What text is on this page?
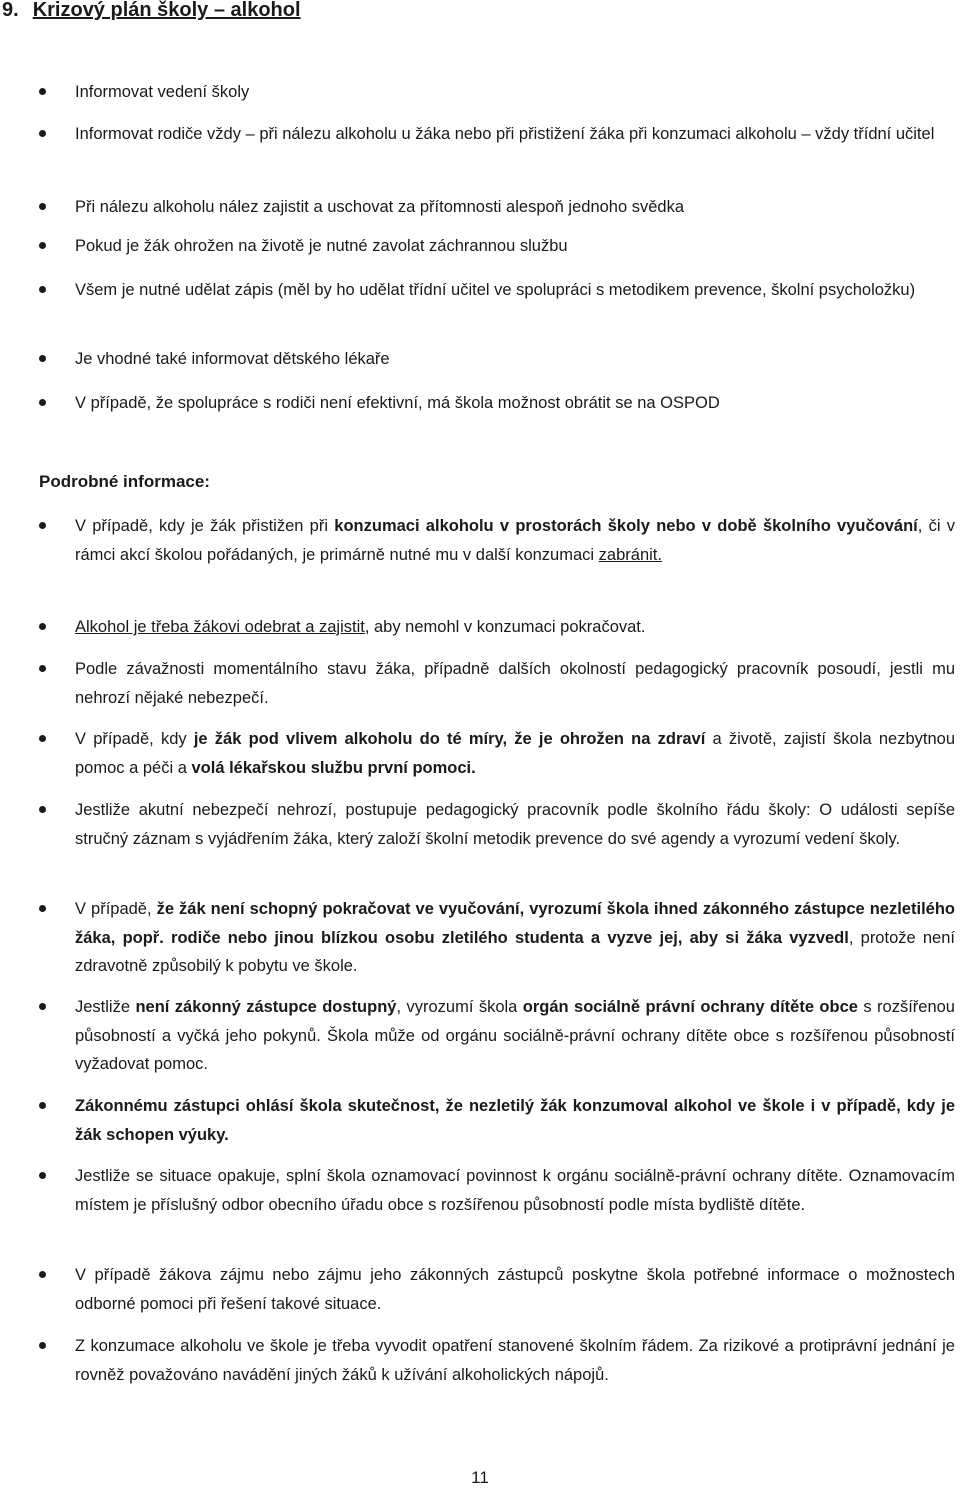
9. Krizový plán školy – alkohol
Informovat vedení školy
Informovat rodiče vždy – při nálezu alkoholu u žáka nebo při přistižení žáka při konzumaci alkoholu – vždy třídní učitel
Při nálezu alkoholu nález zajistit a uschovat za přítomnosti alespoň jednoho svědka
Pokud je žák ohrožen na životě je nutné zavolat záchrannou službu
Všem je nutné udělat zápis (měl by ho udělat třídní učitel ve spolupráci s metodikem prevence, školní psycholožku)
Je vhodné také informovat dětského lékaře
V případě, že spolupráce s rodiči není efektivní, má škola možnost obrátit se na OSPOD
Podrobné informace:
V případě, kdy je žák přistižen při konzumaci alkoholu v prostorách školy nebo v době školního vyučování, či v rámci akcí školou pořádaných, je primárně nutné mu v další konzumaci zabránit.
Alkohol je třeba žákovi odebrat a zajistit, aby nemohl v konzumaci pokračovat.
Podle závažnosti momentálního stavu žáka, případně dalších okolností pedagogický pracovník posoudí, jestli mu nehrozí nějaké nebezpečí.
V případě, kdy je žák pod vlivem alkoholu do té míry, že je ohrožen na zdraví a životě, zajistí škola nezbytnou pomoc a péči a volá lékařskou službu první pomoci.
Jestliže akutní nebezpečí nehrozí, postupuje pedagogický pracovník podle školního řádu školy: O události sepíše stručný záznam s vyjádřením žáka, který založí školní metodik prevence do své agendy a vyrozumí vedení školy.
V případě, že žák není schopný pokračovat ve vyučování, vyrozumí škola ihned zákonného zástupce nezletilého žáka, popř. rodiče nebo jinou blízkou osobu zletilého studenta a vyzve jej, aby si žáka vyzvedl, protože není zdravotně způsobilý k pobytu ve škole.
Jestliže není zákonný zástupce dostupný, vyrozumí škola orgán sociálně právní ochrany dítěte obce s rozšířenou působností a vyčká jeho pokynů. Škola může od orgánu sociálně-právní ochrany dítěte obce s rozšířenou působností vyžadovat pomoc.
Zákonnému zástupci ohlásí škola skutečnost, že nezletilý žák konzumoval alkohol ve škole i v případě, kdy je žák schopen výuky.
Jestliže se situace opakuje, splní škola oznamovací povinnost k orgánu sociálně-právní ochrany dítěte. Oznamovacím místem je příslušný odbor obecního úřadu obce s rozšířenou působností podle místa bydliště dítěte.
V případě žákova zájmu nebo zájmu jeho zákonných zástupců poskytne škola potřebné informace o možnostech odborné pomoci při řešení takové situace.
Z konzumace alkoholu ve škole je třeba vyvodit opatření stanovené školním řádem. Za rizikové a protiprávní jednání je rovněž považováno navádění jiných žáků k užívání alkoholických nápojů.
11
